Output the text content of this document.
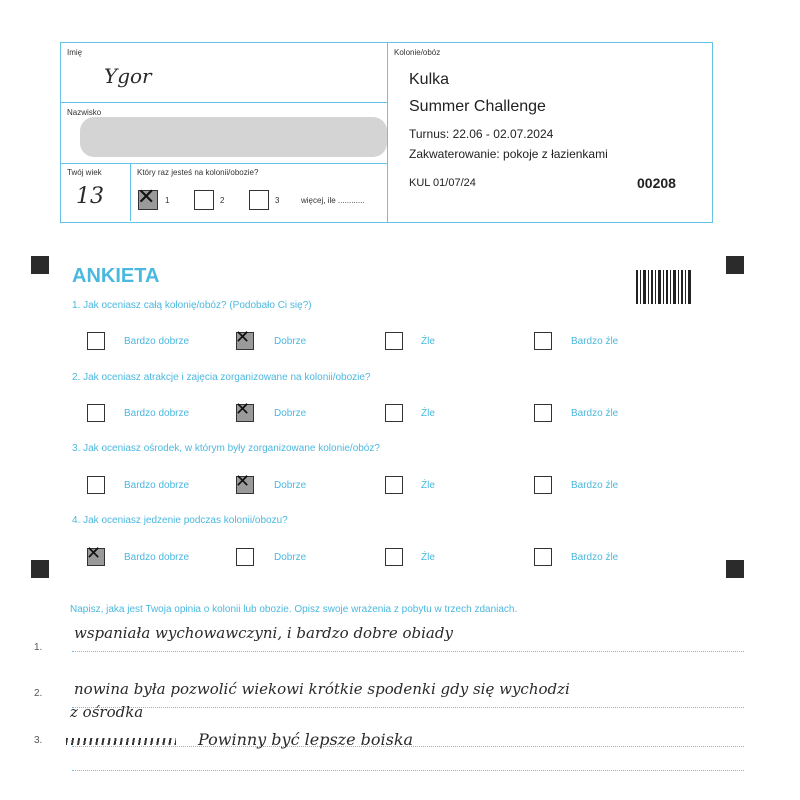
Imię
Ygor
Nazwisko
Twój wiek
13
Który raz jesteś na kolonii/obozie?
✕ 1	2	3	więcej, ile ............
Kolonie/obóz
Kulka
Summer Challenge
Turnus: 22.06 - 02.07.2024
Zakwaterowanie: pokoje z łazienkami
KUL 01/07/24	00208
ANKIETA
1. Jak oceniasz całą kolonię/obóz? (Podobało Ci się?)
Bardzo dobrze	✕ Dobrze	Źle	Bardzo źle
2. Jak oceniasz atrakcje i zajęcia zorganizowane na kolonii/obozie?
Bardzo dobrze	✕ Dobrze	Źle	Bardzo źle
3. Jak oceniasz ośrodek, w którym były zorganizowane kolonie/obóz?
Bardzo dobrze	✕ Dobrze	Źle	Bardzo źle
4. Jak oceniasz jedzenie podczas kolonii/obozu?
✕ Bardzo dobrze	Dobrze	Źle	Bardzo źle
Napisz, jaka jest Twoja opinia o kolonii lub obozie. Opisz swoje wrażenia z pobytu w trzech zdaniach.
1.
wspaniała wychowawczyni, i bardzo dobre obiady
2. nowina była pozwolić wiekowi krótkie spodenki gdy się wychodzi
z ośrodka
3.	Powinny być lepsze boiska
